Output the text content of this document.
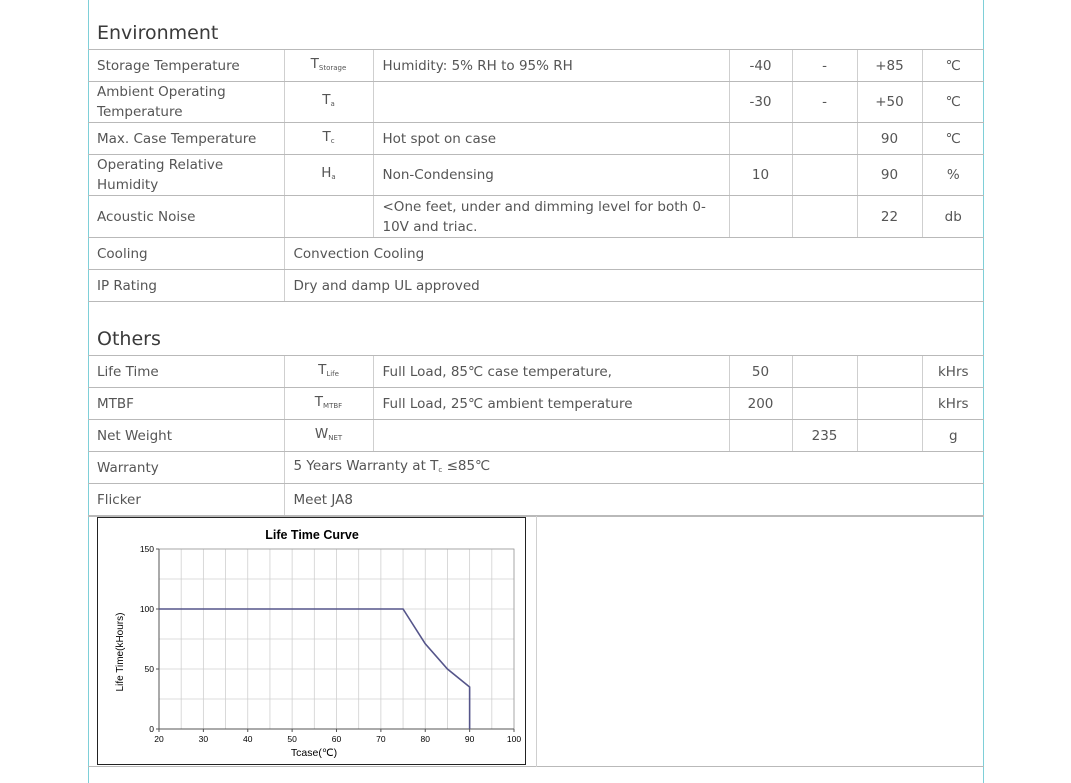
Environment
Storage Temperature	$T_{Storage}$	Humidity: 5% RH to 95% RH	-40	-	+85	℃
Ambient Operating Temperature	$T_a$		-30	-	+50	℃
Max. Case Temperature	$T_c$	Hot spot on case			90	℃
Operating Relative Humidity	$H_a$	Non-Condensing	10		90	%
Acoustic Noise		<One feet, under and dimming level for both 0-10V and triac.			22	db
Cooling	Convection Cooling					
IP Rating	Dry and damp UL approved					
Others
Life Time	$T_{Life}$	Full Load, 85℃ case temperature,	50			kHrs
MTBF	$T_{MTBF}$	Full Load, 25℃ ambient temperature	200			kHrs
Net Weight	$W_{NET}$			235		g
Warranty	5 Years Warranty at $T_c$ ≤85℃					
Flicker	Meet JA8					
Life Time Curve
20	30	40	50	60	70	80	90	100
0
50
100
150
Tcase(℃)
Life Time(kHours)
